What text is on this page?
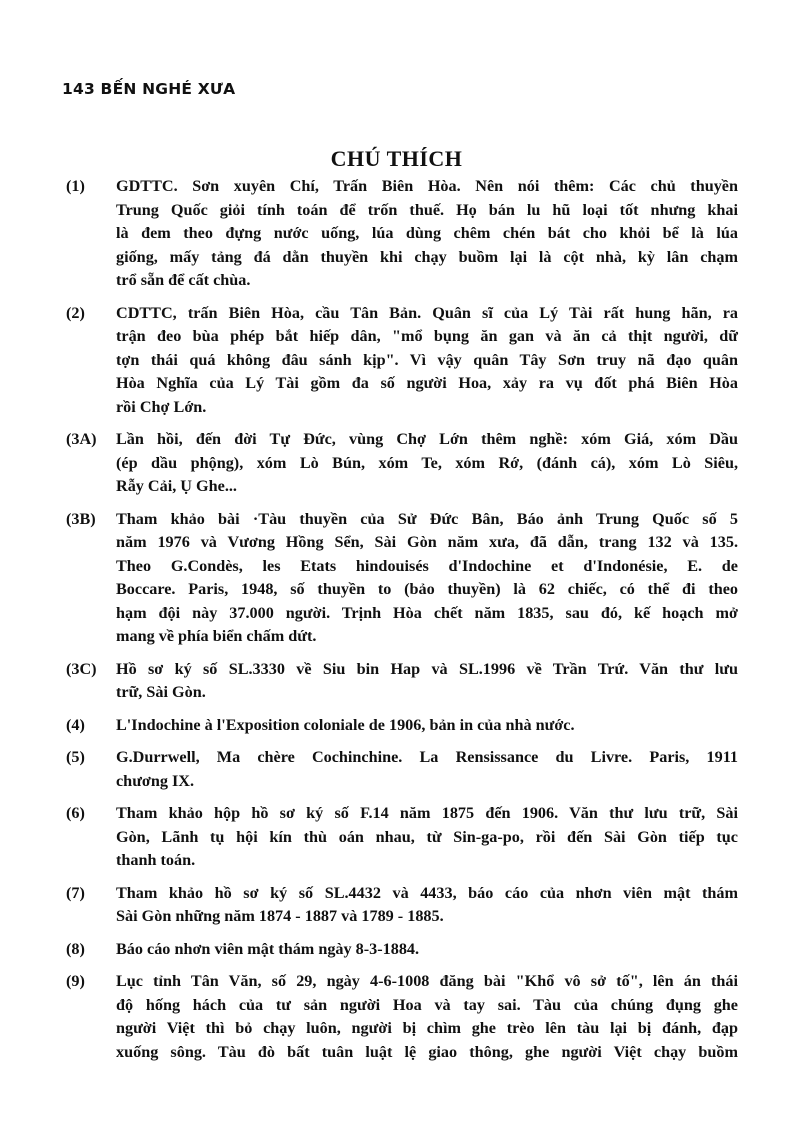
143 BẾN NGHÉ XƯA
CHÚ THÍCH
(1)	GDTTC. Sơn xuyên Chí, Trấn Biên Hòa. Nên nói thêm: Các chủ thuyền
Trung Quốc giỏi tính toán để trốn thuế. Họ bán lu hũ loại tốt nhưng khai
là đem theo đựng nước uống, lúa dùng chêm chén bát cho khỏi bể là lúa
giống, mấy tảng đá dằn thuyền khi chạy buồm lại là cột nhà, kỳ lân chạm
trổ sẵn để cất chùa.
(2)	CDTTC, trấn Biên Hòa, cầu Tân Bản. Quân sĩ của Lý Tài rất hung hãn, ra
trận đeo bùa phép bắt hiếp dân, "mổ bụng ăn gan và ăn cả thịt người, dữ
tợn thái quá không đâu sánh kịp". Vì vậy quân Tây Sơn truy nã đạo quân
Hòa Nghĩa của Lý Tài gồm đa số người Hoa, xảy ra vụ đốt phá Biên Hòa
rồi Chợ Lớn.
(3A)	Lần hồi, đến đời Tự Đức, vùng Chợ Lớn thêm nghề: xóm Giá, xóm Dầu
(ép dầu phộng), xóm Lò Bún, xóm Te, xóm Rớ, (đánh cá), xóm Lò Siêu,
Rẫy Cải, Ụ Ghe...
(3B)	Tham khảo bài ·Tàu thuyền của Sử Đức Bân, Báo ảnh Trung Quốc số 5
năm 1976 và Vương Hồng Sển, Sài Gòn năm xưa, đã dẫn, trang 132 và 135.
Theo G.Condès, les Etats hindouisés d'Indochine et d'Indonésie, E. de
Boccare. Paris, 1948, số thuyền to (bảo thuyền) là 62 chiếc, có thể đi theo
hạm đội này 37.000 người. Trịnh Hòa chết năm 1835, sau đó, kế hoạch mở
mang về phía biển chấm dứt.
(3C)	Hồ sơ ký số SL.3330 về Siu bin Hap và SL.1996 về Trần Trứ. Văn thư lưu
trữ, Sài Gòn.
(4)	L'Indochine à l'Exposition coloniale de 1906, bản in của nhà nước.
(5)	G.Durrwell, Ma chère Cochinchine. La Rensissance du Livre. Paris, 1911
chương IX.
(6)	Tham khảo hộp hồ sơ ký số F.14 năm 1875 đến 1906. Văn thư lưu trữ, Sài
Gòn, Lãnh tụ hội kín thù oán nhau, từ Sin-ga-po, rồi đến Sài Gòn tiếp tục
thanh toán.
(7)	Tham khảo hồ sơ ký số SL.4432 và 4433, báo cáo của nhơn viên mật thám
Sài Gòn những năm 1874 - 1887 và 1789 - 1885.
(8)	Báo cáo nhơn viên mật thám ngày 8-3-1884.
(9)	Lục tỉnh Tân Văn, số 29, ngày 4-6-1008 đăng bài "Khổ vô sở tố", lên án thái
độ hống hách của tư sản người Hoa và tay sai. Tàu của chúng đụng ghe
người Việt thì bỏ chạy luôn, người bị chìm ghe trèo lên tàu lại bị đánh, đạp
xuống sông. Tàu đò bất tuân luật lệ giao thông, ghe người Việt chạy buồm
